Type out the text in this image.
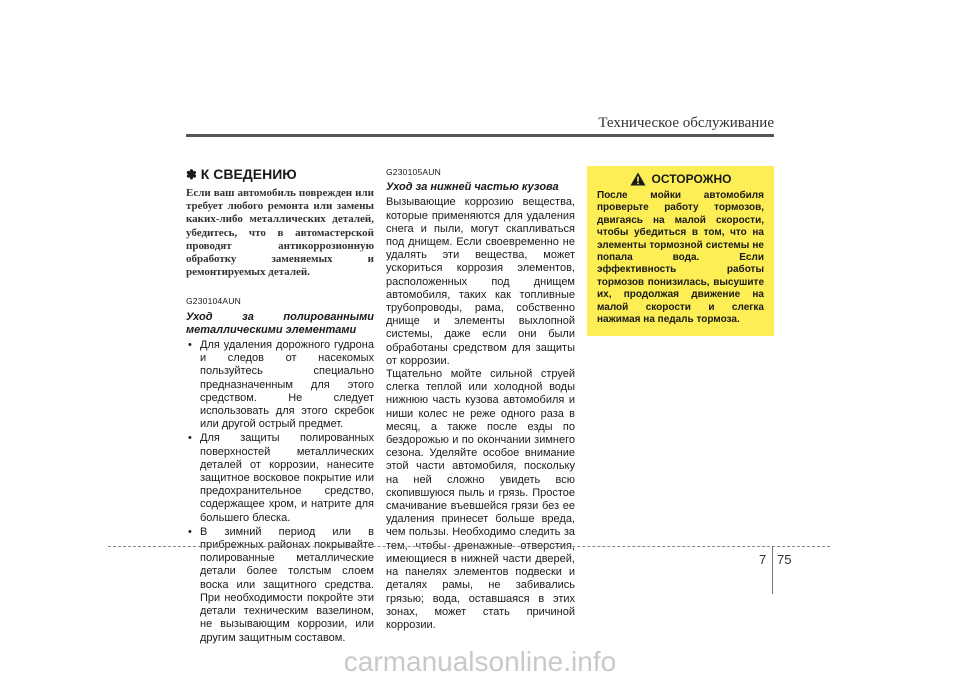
Техническое обслуживание
✽ К СВЕДЕНИЮ

Если ваш автомобиль поврежден или требует любого ремонта или замены каких-либо металлических деталей, убедитесь, что в автомастерской проводят антикоррозионную обработку заменяемых и ремонтируемых деталей.

G230104AUN
Уход за полированными металлическими элементами
• Для удаления дорожного гудрона и следов от насекомых пользуйтесь специально предназначенным для этого средством. Не следует использовать для этого скребок или другой острый предмет.
• Для защиты полированных поверхностей металлических деталей от коррозии, нанесите защитное восковое покрытие или предохранительное средство, содержащее хром, и натрите для большего блеска.
• В зимний период или в прибрежных районах покрывайте полированные металлические детали более толстым слоем воска или защитного средства. При необходимости покройте эти детали техническим вазелином, не вызывающим коррозии, или другим защитным составом.
G230105AUN
Уход за нижней частью кузова

Вызывающие коррозию вещества, которые применяются для удаления снега и пыли, могут скапливаться под днищем. Если своевременно не удалять эти вещества, может ускориться коррозия элементов, расположенных под днищем автомобиля, таких как топливные трубопроводы, рама, собственно днище и элементы выхлопной системы, даже если они были обработаны средством для защиты от коррозии.

Тщательно мойте сильной струей слегка теплой или холодной воды нижнюю часть кузова автомобиля и ниши колес не реже одного раза в месяц, а также после езды по бездорожью и по окончании зимнего сезона. Уделяйте особое внимание этой части автомобиля, поскольку на ней сложно увидеть всю скопившуюся пыль и грязь. Простое смачивание въевшейся грязи без ее удаления принесет больше вреда, чем пользы. Необходимо следить за тем, чтобы дренажные отверстия, имеющиеся в нижней части дверей, на панелях элементов подвески и деталях рамы, не забивались грязью; вода, оставшаяся в этих зонах, может стать причиной коррозии.

ОСТОРОЖНО

После мойки автомобиля проверьте работу тормозов, двигаясь на малой скорости, чтобы убедиться в том, что на элементы тормозной системы не попала вода. Если эффективность работы тормозов понизилась, высушите их, продолжая движение на малой скорости и слегка нажимая на педаль тормоза.

7 75
carmanualsonline.info
